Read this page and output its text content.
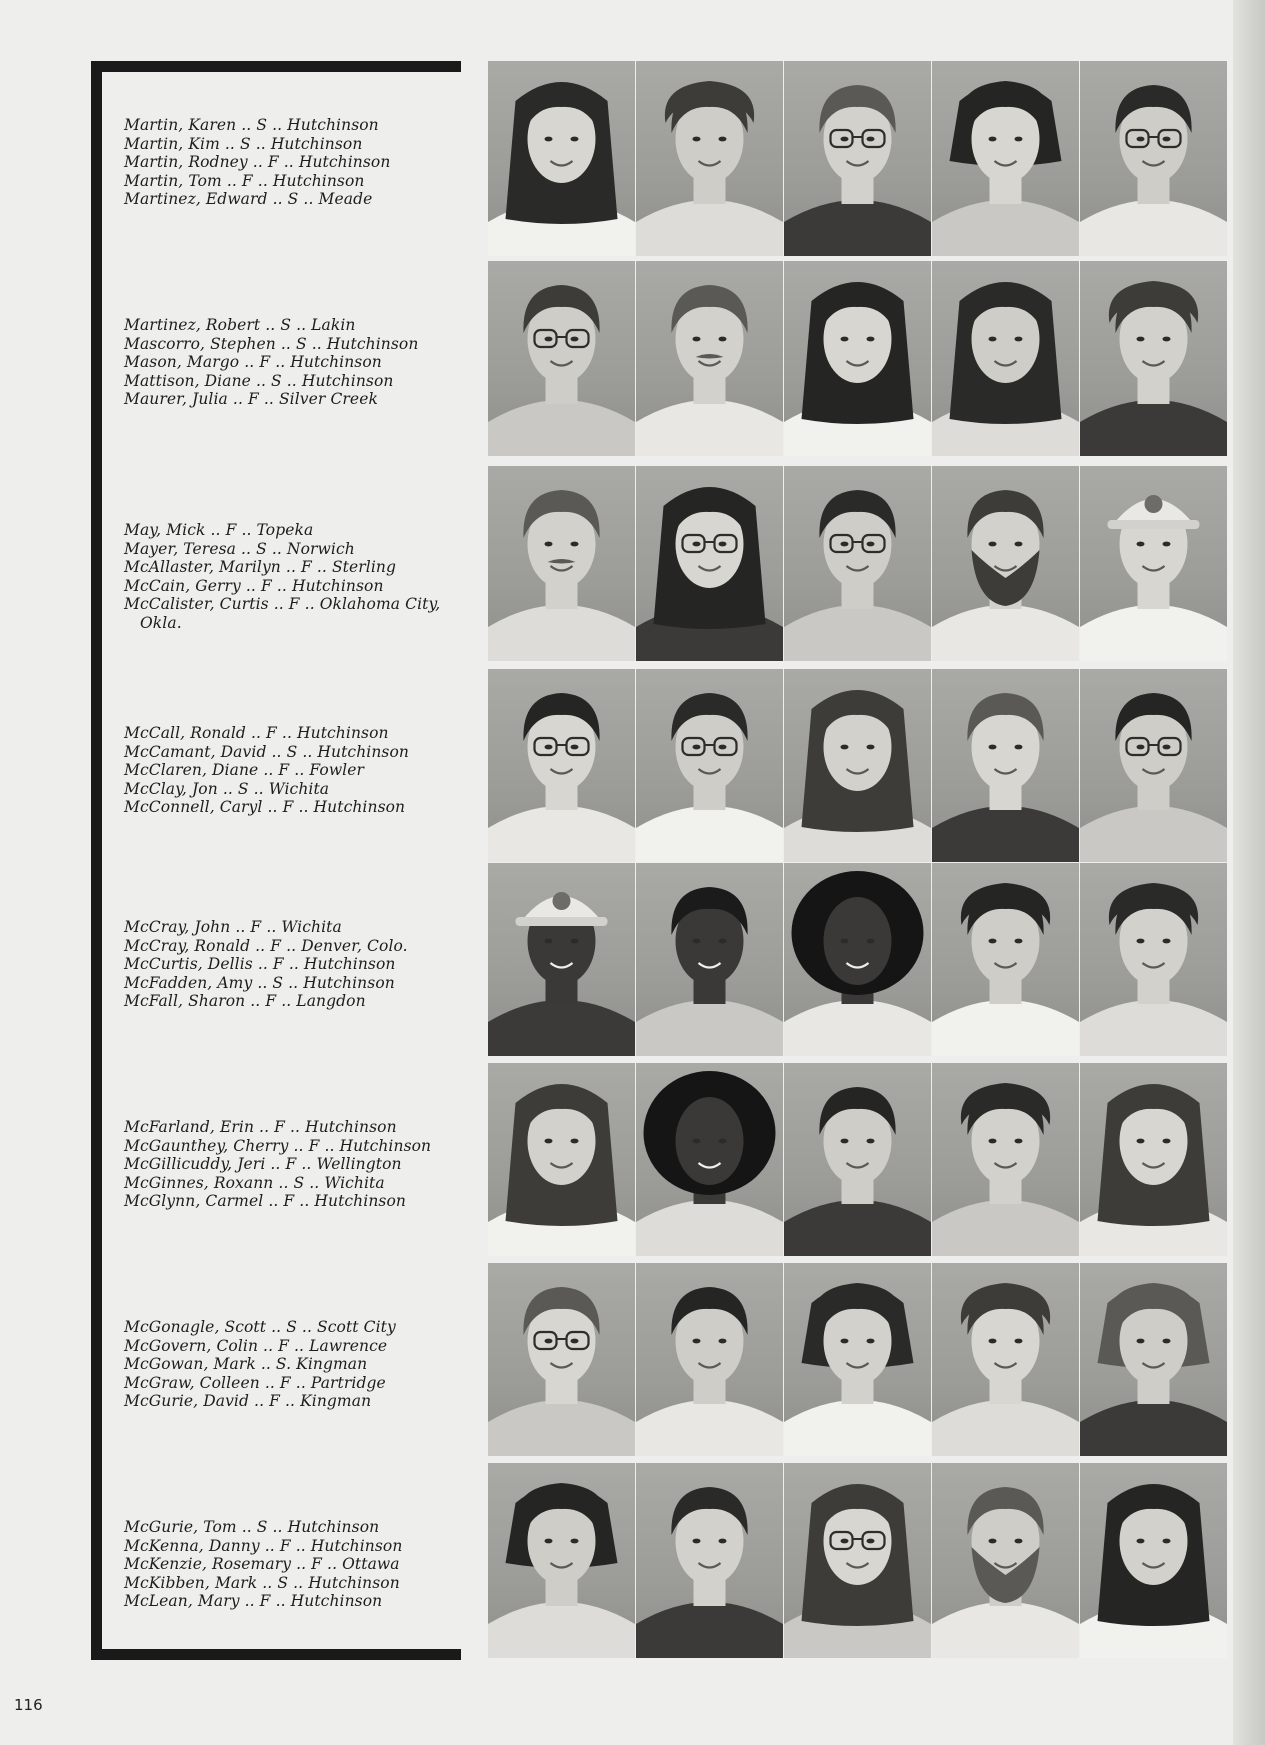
Martin, Karen .. S .. Hutchinson
Martin, Kim .. S .. Hutchinson
Martin, Rodney .. F .. Hutchinson
Martin, Tom .. F .. Hutchinson
Martinez, Edward .. S .. Meade
Martinez, Robert .. S .. Lakin
Mascorro, Stephen .. S .. Hutchinson
Mason, Margo .. F .. Hutchinson
Mattison, Diane .. S .. Hutchinson
Maurer, Julia .. F .. Silver Creek
May, Mick .. F .. Topeka
Mayer, Teresa .. S .. Norwich
McAllaster, Marilyn .. F .. Sterling
McCain, Gerry .. F .. Hutchinson
McCalister, Curtis .. F .. Oklahoma City,
Okla.
McCall, Ronald .. F .. Hutchinson
McCamant, David .. S .. Hutchinson
McClaren, Diane .. F .. Fowler
McClay, Jon .. S .. Wichita
McConnell, Caryl .. F .. Hutchinson
McCray, John .. F .. Wichita
McCray, Ronald .. F .. Denver, Colo.
McCurtis, Dellis .. F .. Hutchinson
McFadden, Amy .. S .. Hutchinson
McFall, Sharon .. F .. Langdon
McFarland, Erin .. F .. Hutchinson
McGaunthey, Cherry .. F .. Hutchinson
McGillicuddy, Jeri .. F .. Wellington
McGinnes, Roxann .. S .. Wichita
McGlynn, Carmel .. F .. Hutchinson
McGonagle, Scott .. S .. Scott City
McGovern, Colin .. F .. Lawrence
McGowan, Mark .. S. Kingman
McGraw, Colleen .. F .. Partridge
McGurie, David .. F .. Kingman
McGurie, Tom .. S .. Hutchinson
McKenna, Danny .. F .. Hutchinson
McKenzie, Rosemary .. F .. Ottawa
McKibben, Mark .. S .. Hutchinson
McLean, Mary .. F .. Hutchinson
116
